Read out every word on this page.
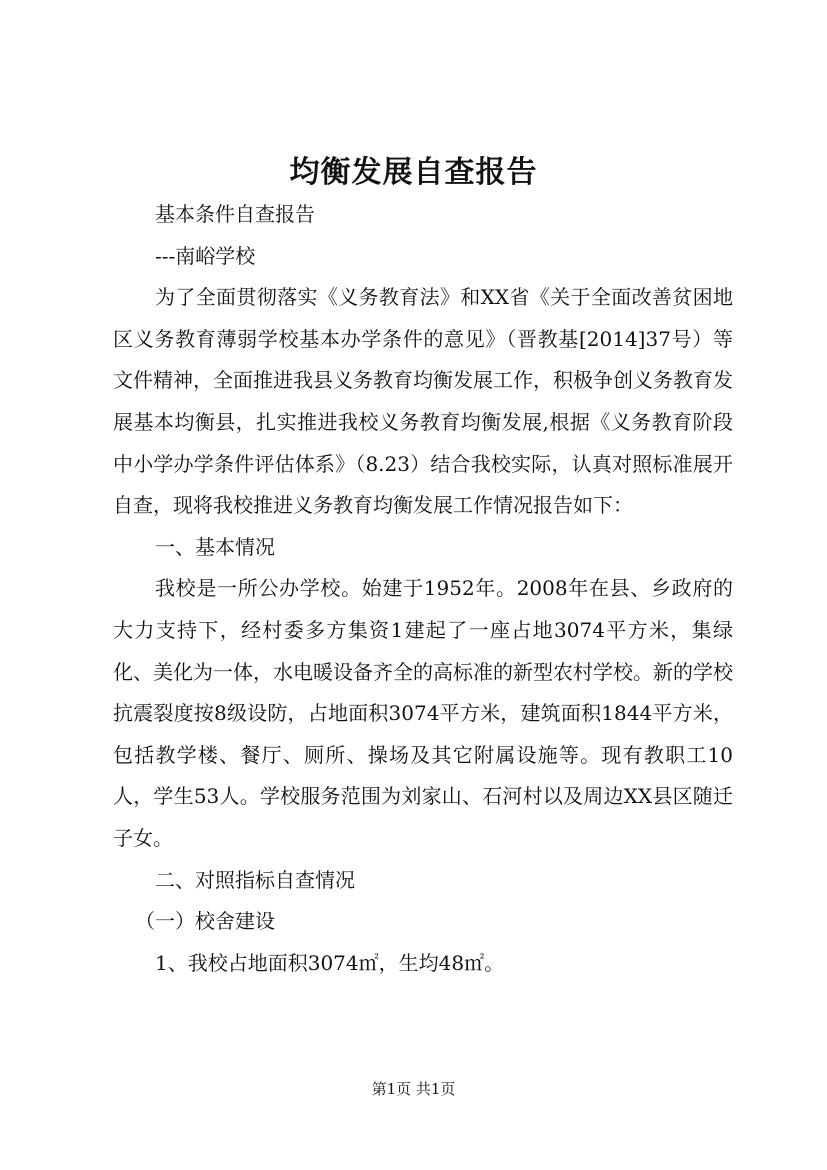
均衡发展自查报告

基本条件自查报告

---南峪学校

为了全面贯彻落实《义务教育法》和XX省《关于全面改善贫困地区义务教育薄弱学校基本办学条件的意见》（晋教基[2014]37号）等文件精神，全面推进我县义务教育均衡发展工作，积极争创义务教育发展基本均衡县，扎实推进我校义务教育均衡发展,根据《义务教育阶段中小学办学条件评估体系》（8.23）结合我校实际，认真对照标准展开自查，现将我校推进义务教育均衡发展工作情况报告如下：

一、基本情况

我校是一所公办学校。始建于1952年。2008年在县、乡政府的大力支持下，经村委多方集资1建起了一座占地3074平方米，集绿化、美化为一体，水电暖设备齐全的高标准的新型农村学校。新的学校抗震裂度按8级设防，占地面积3074平方米，建筑面积1844平方米，包括教学楼、餐厅、厕所、操场及其它附属设施等。现有教职工10人，学生53人。学校服务范围为刘家山、石河村以及周边XX县区随迁子女。

二、对照指标自查情况

（一）校舍建设

1、我校占地面积3074㎡，生均48㎡。

第1页 共1页
